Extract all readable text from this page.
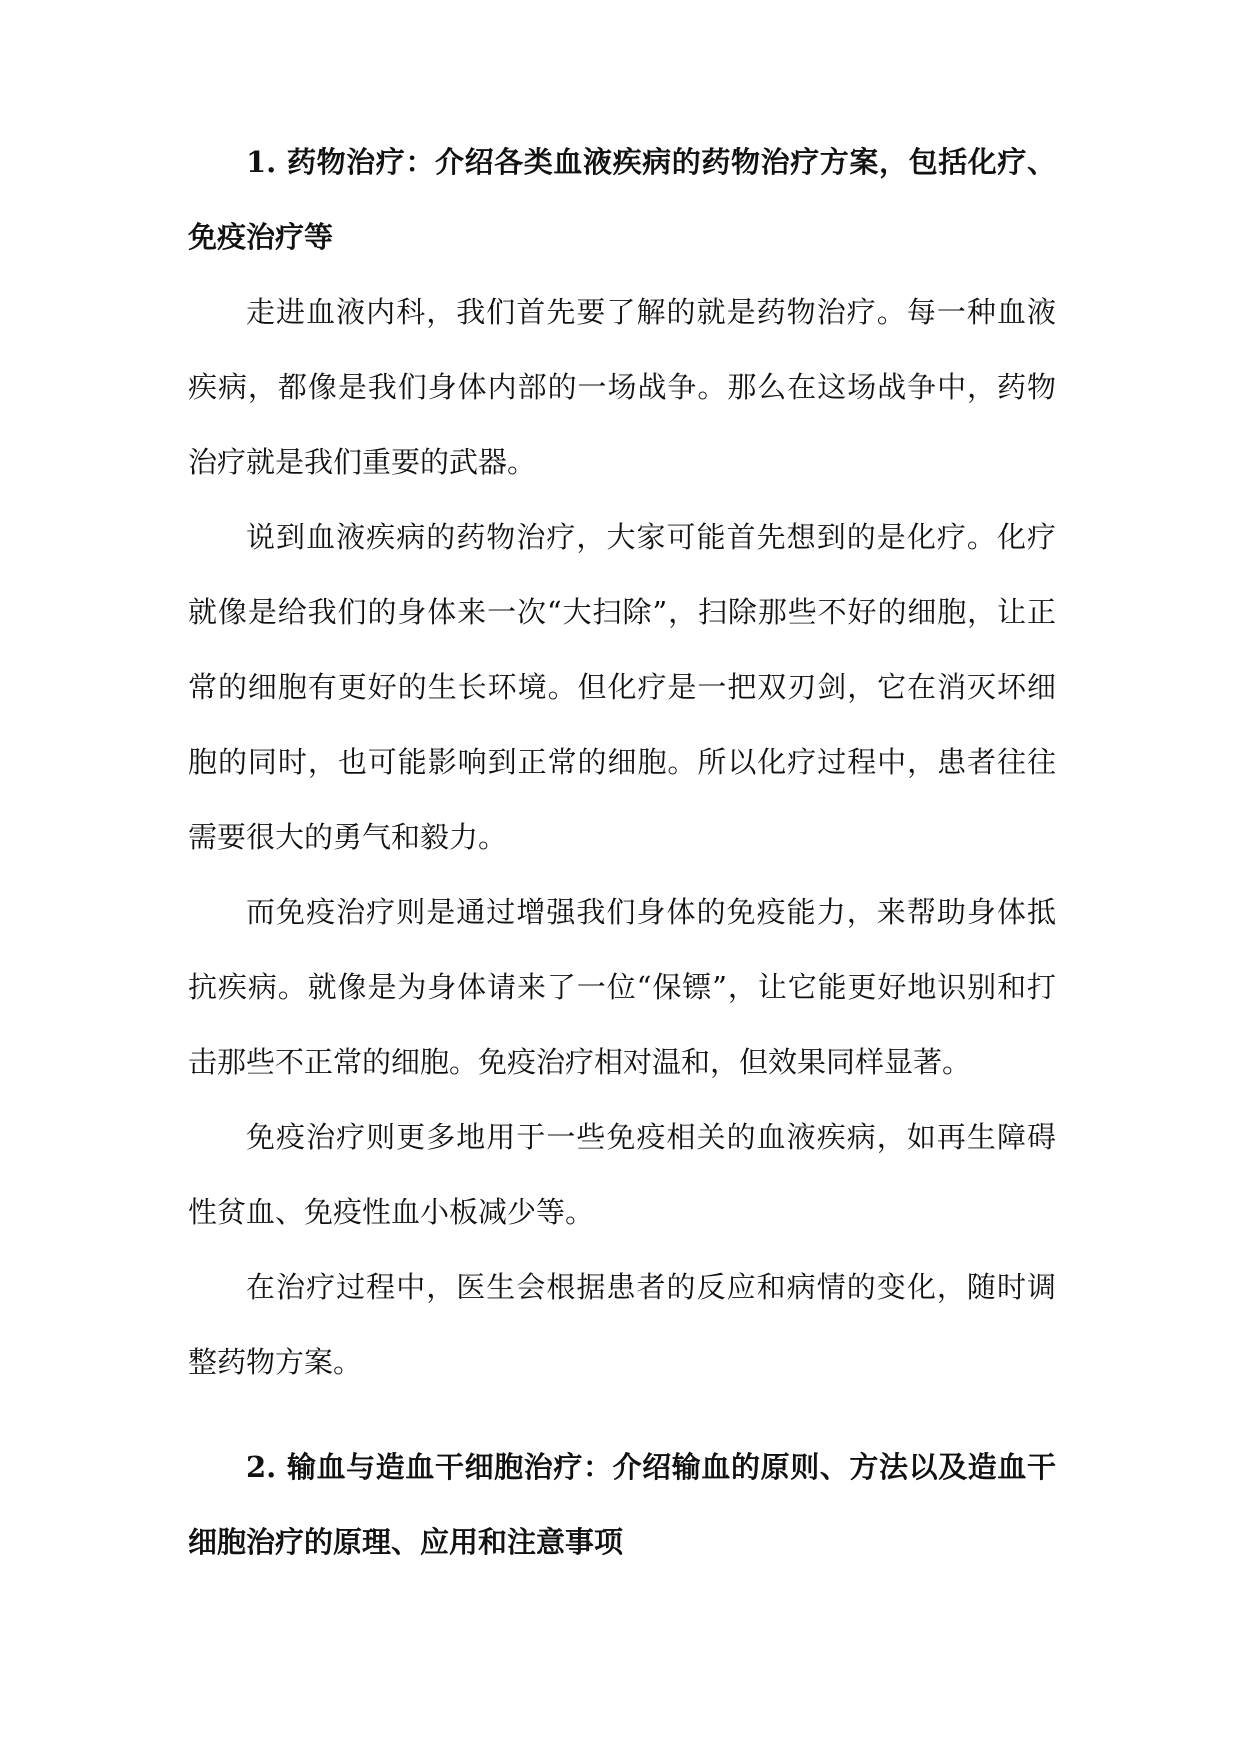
1. 药物治疗：介绍各类血液疾病的药物治疗方案，包括化疗、免疫治疗等

走进血液内科，我们首先要了解的就是药物治疗。每一种血液疾病，都像是我们身体内部的一场战争。那么在这场战争中，药物治疗就是我们重要的武器。

说到血液疾病的药物治疗，大家可能首先想到的是化疗。化疗就像是给我们的身体来一次“大扫除”，扫除那些不好的细胞，让正常的细胞有更好的生长环境。但化疗是一把双刃剑，它在消灭坏细胞的同时，也可能影响到正常的细胞。所以化疗过程中，患者往往需要很大的勇气和毅力。

而免疫治疗则是通过增强我们身体的免疫能力，来帮助身体抵抗疾病。就像是为身体请来了一位“保镖”，让它能更好地识别和打击那些不正常的细胞。免疫治疗相对温和，但效果同样显著。

免疫治疗则更多地用于一些免疫相关的血液疾病，如再生障碍性贫血、免疫性血小板减少等。

在治疗过程中，医生会根据患者的反应和病情的变化，随时调整药物方案。

2. 输血与造血干细胞治疗：介绍输血的原则、方法以及造血干细胞治疗的原理、应用和注意事项
